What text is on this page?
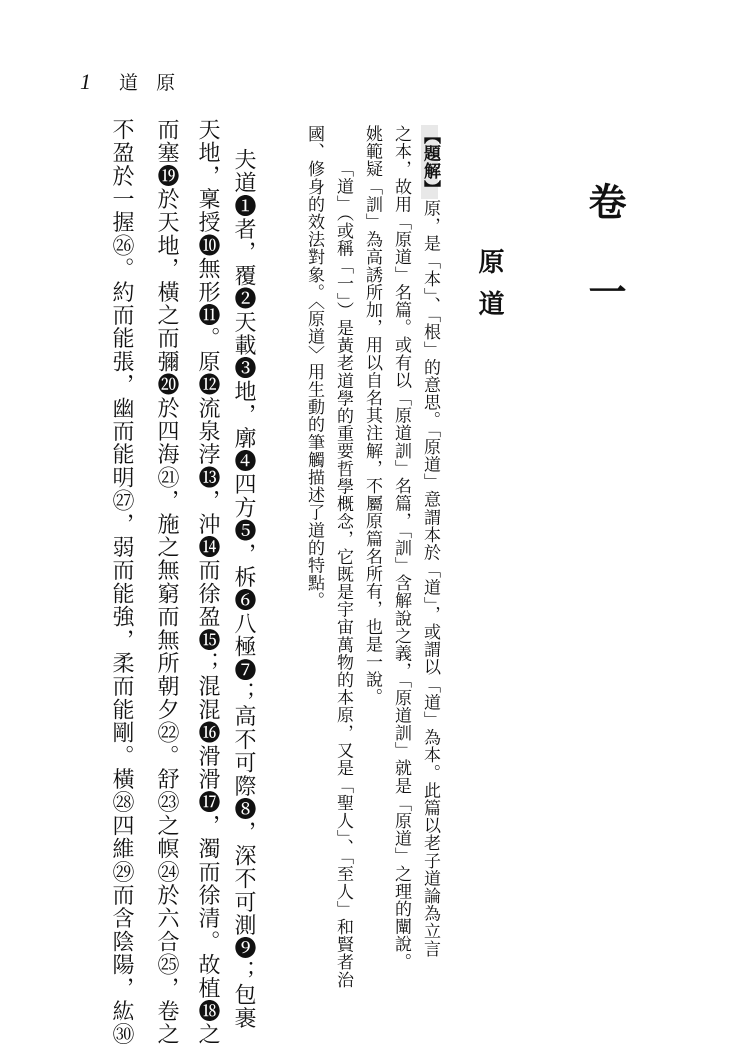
1 道 原
卷一
原道
【題解】原，是「本」、「根」的意思。「原道」意謂本於「道」，或謂以「道」為本。此篇以老子道論為立言
之本，故用「原道」名篇。或有以「原道訓」名篇，「訓」含解說之義，「原道訓」就是「原道」之理的闡說。
姚範疑「訓」為高誘所加，用以自名其注解，不屬原篇名所有，也是一說。
「道」（或稱「一」）是黃老道學的重要哲學概念，它既是宇宙萬物的本原，又是「聖人」、「至人」和賢者治
國、修身的效法對象。〈原道〉用生動的筆觸描述了道的特點。
夫道❶者，覆❷天載❸地，廓❹四方❺，柝❻八極❼；高不可際❽，深不可測❾；包裹
天地，稟授❿無形⓫。原⓬流泉浡⓭，沖⓮而徐盈⓯；混混⓰滑滑⓱，濁而徐清。故植⓲之
而塞⓳於天地，橫之而彌⓴於四海㉑，施之無窮而無所朝夕㉒。舒㉓之幎㉔於六合㉕，卷之
不盈於一握㉖。約而能張，幽而能明㉗，弱而能強，柔而能剛。橫㉘四維㉙而含陰陽，紘㉚
